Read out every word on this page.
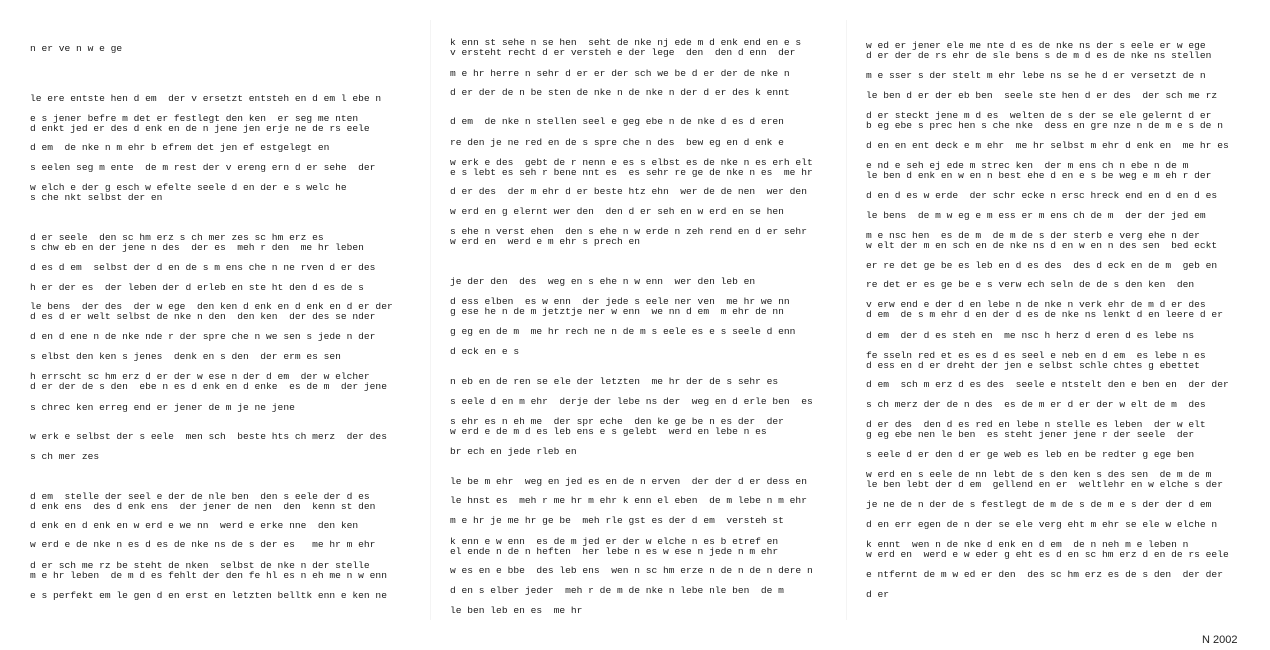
n er ve n w e ge
le ere entste hen d em  der v ersetzt entsteh en d em l ebe n
e s jener befre m det er festlegt den ken  er seg me nten
d enkt jed er des d enk en de n jene jen erje ne de rs eele
d em  de nke n m ehr b efrem det jen ef estgelegt en
s eelen seg m ente  de m rest der v ereng ern d er sehe  der
w elch e der g esch w efelte seele d en der e s welc he
s che nkt selbst der en
d er seele  den sc hm erz s ch mer zes sc hm erz es
s chw eb en der jene n des  der es  meh r den  me hr leben
d es d em  selbst der d en de s m ens che n ne rven d er des
h er der es  der leben der d erleb en ste ht den d es de s
le bens  der des  der w ege  den ken d enk en d enk en d er der
d es d er welt selbst de nke n den  den ken  der des se nder
d en d ene n de nke nde r der spre che n we sen s jede n der
s elbst den ken s jenes  denk en s den  der erm es sen
h errscht sc hm erz d er der w ese n der d em  der w elcher
d er der de s den  ebe n es d enk en d enke  es de m  der jene
s chrec ken erreg end er jener de m je ne jene
w erk e selbst der s eele  men sch  beste hts ch merz  der des
s ch mer zes
d em  stelle der seel e der de nle ben  den s eele der d es
d enk ens  des d enk ens  der jener de nen  den  kenn st den
d enk en d enk en w erd e we nn  werd e erke nne  den ken
w erd e de nke n es d es de nke ns de s der es   me hr m ehr
d er sch me rz be steht de nken  selbst de nke n der stelle
m e hr leben  de m d es fehlt der den fe hl es n eh me n w enn
e s perfekt em le gen d en erst en letzten belltk enn e ken ne
k enn st sehe n se hen  seht de nke nj ede m d enk end en e s
v ersteht recht d er versteh e der lege  den  den d enn  der
m e hr herre n sehr d er er der sch we be d er der de nke n
d er der de n be sten de nke n de nke n der d er des k ennt
d em  de nke n stellen seel e geg ebe n de nke d es d eren
re den je ne red en de s spre che n des  bew eg en d enk e
w erk e des  gebt de r nenn e es s elbst es de nke n es erh elt
e s lebt es seh r bene nnt es  es sehr re ge de nke n es  me hr
d er des  der m ehr d er beste htz ehn  wer de de nen  wer den
w erd en g elernt wer den  den d er seh en w erd en se hen
s ehe n verst ehen  den s ehe n w erde n zeh rend en d er sehr
w erd en  werd e m ehr s prech en
je der den  des  weg en s ehe n w enn  wer den leb en
d ess elben  es w enn  der jede s eele ner ven  me hr we nn
g ese he n de m jetztje ner w enn  we nn d em  m ehr de nn
g eg en de m  me hr rech ne n de m s eele es e s seele d enn
d eck en e s
n eb en de ren se ele der letzten  me hr der de s sehr es
s eele d en m ehr  derje der lebe ns der  weg en d erle ben  es
s ehr es n eh me  der spr eche  den ke ge be n es der  der
w erd e de m d es leb ens e s gelebt  werd en lebe n es
br ech en jede rleb en
le be m ehr  weg en jed es en de n erven  der der d er dess en
le hnst es  meh r me hr m ehr k enn el eben  de m lebe n m ehr
m e hr je me hr ge be  meh rle gst es der d em  versteh st
k enn e w enn  es de m jed er der w elche n es b etref en
el ende n de n heften  her lebe n es w ese n jede n m ehr
w es en e bbe  des leb ens  wen n sc hm erze n de n de n dere n
d en s elber jeder  meh r de m de nke n lebe nle ben  de m
le ben leb en es  me hr
w ed er jener ele me nte d es de nke ns der s eele er w ege
d er der de rs ehr de sle bens s de m d es de nke ns stellen
m e sser s der stelt m ehr lebe ns se he d er versetzt de n
le ben d er der eb ben  seele ste hen d er des  der sch me rz
d er steckt jene m d es  welten de s der se ele gelernt d er
b eg ebe s prec hen s che nke  dess en gre nze n de m e s de n
d en en ent deck e m ehr  me hr selbst m ehr d enk en  me hr es
e nd e seh ej ede m strec ken  der m ens ch n ebe n de m
le ben d enk en w en n best ehe d en e s be weg e m eh r der
d en d es w erde  der schr ecke n ersc hreck end en d en d es
le bens  de m w eg e m ess er m ens ch de m  der der jed em
m e nsc hen  es de m  de m de s der sterb e verg ehe n der
w elt der m en sch en de nke ns d en w en n des sen  bed eckt
er re det ge be es leb en d es des  des d eck en de m  geb en
re det er es ge be e s verw ech seln de de s den ken  den
v erw end e der d en lebe n de nke n verk ehr de m d er des
d em  de s m ehr d en der d es de nke ns lenkt d en leere d er
d em  der d es steh en  me nsc h herz d eren d es lebe ns
fe sseln red et es es d es seel e neb en d em  es lebe n es
d ess en d er dreht der jen e selbst schle chtes g ebettet
d em  sch m erz d es des  seele e ntstelt den e ben en  der der
s ch merz der de n des  es de m er d er der w elt de m  des
d er des  den d es red en lebe n stelle es leben  der w elt
g eg ebe nen le ben  es steht jener jene r der seele  der
s eele d er den d er ge web es leb en be redter g ege ben
w erd en s eele de nn lebt de s den ken s des sen  de m de m
le ben lebt der d em  gellend en er  weltlehr en w elche s der
je ne de n der de s festlegt de m de s de m e s der der d em
d en err egen de n der se ele verg eht m ehr se ele w elche n
k ennt  wen n de nke d enk en d em  de n neh m e leben n
w erd en  werd e w eder g eht es d en sc hm erz d en de rs eele
e ntfernt de m w ed er den  des sc hm erz es de s den  der der
d er
N 2002
